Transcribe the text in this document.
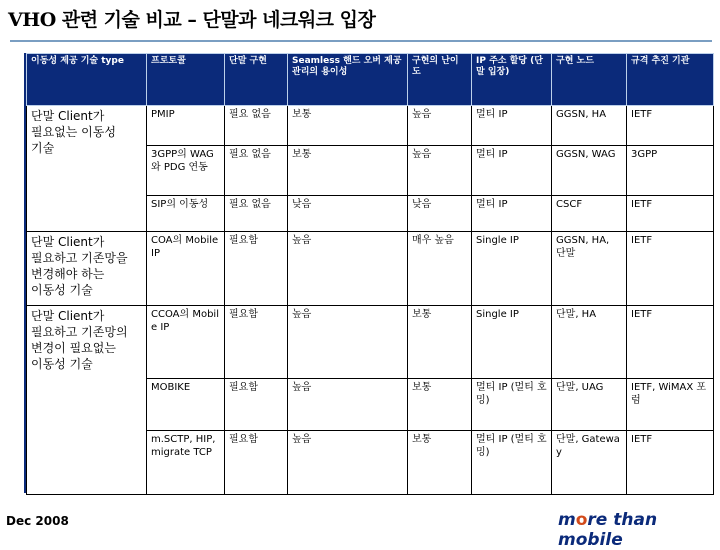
VHO 관련 기술 비교 – 단말과 네크워크 입장
이동성 제공 기술 type	프로토콜	단말 구현	Seamless 핸드 오버 제공 관리의 용이성	구현의 난이도	IP 주소 할당 (단말 입장)	구현 노드	규격 추진 기관
단말 Client가 필요없는 이동성 기술	PMIP	필요 없음	보통	높음	멀티 IP	GGSN, HA	IETF
	3GPP의 WAG와 PDG 연동	필요 없음	보통	높음	멀티 IP	GGSN, WAG	3GPP
	SIP의 이동성	필요 없음	낮음	낮음	멀티 IP	CSCF	IETF
단말 Client가 필요하고 기존망을 변경해야 하는 이동성 기술	COA의 Mobile IP	필요함	높음	매우 높음	Single IP	GGSN, HA, 단말	IETF
단말 Client가 필요하고 기존망의 변경이 필요없는 이동성 기술	CCOA의 Mobile IP	필요함	높음	보통	Single IP	단말, HA	IETF
	MOBIKE	필요함	높음	보통	멀티 IP (멀티 호밍)	단말, UAG	IETF, WiMAX 포럼
	m.SCTP, HIP, migrate TCP	필요함	높음	보통	멀티 IP (멀티 호밍)	단말, Gateway	IETF
Dec 2008	more than mobile
